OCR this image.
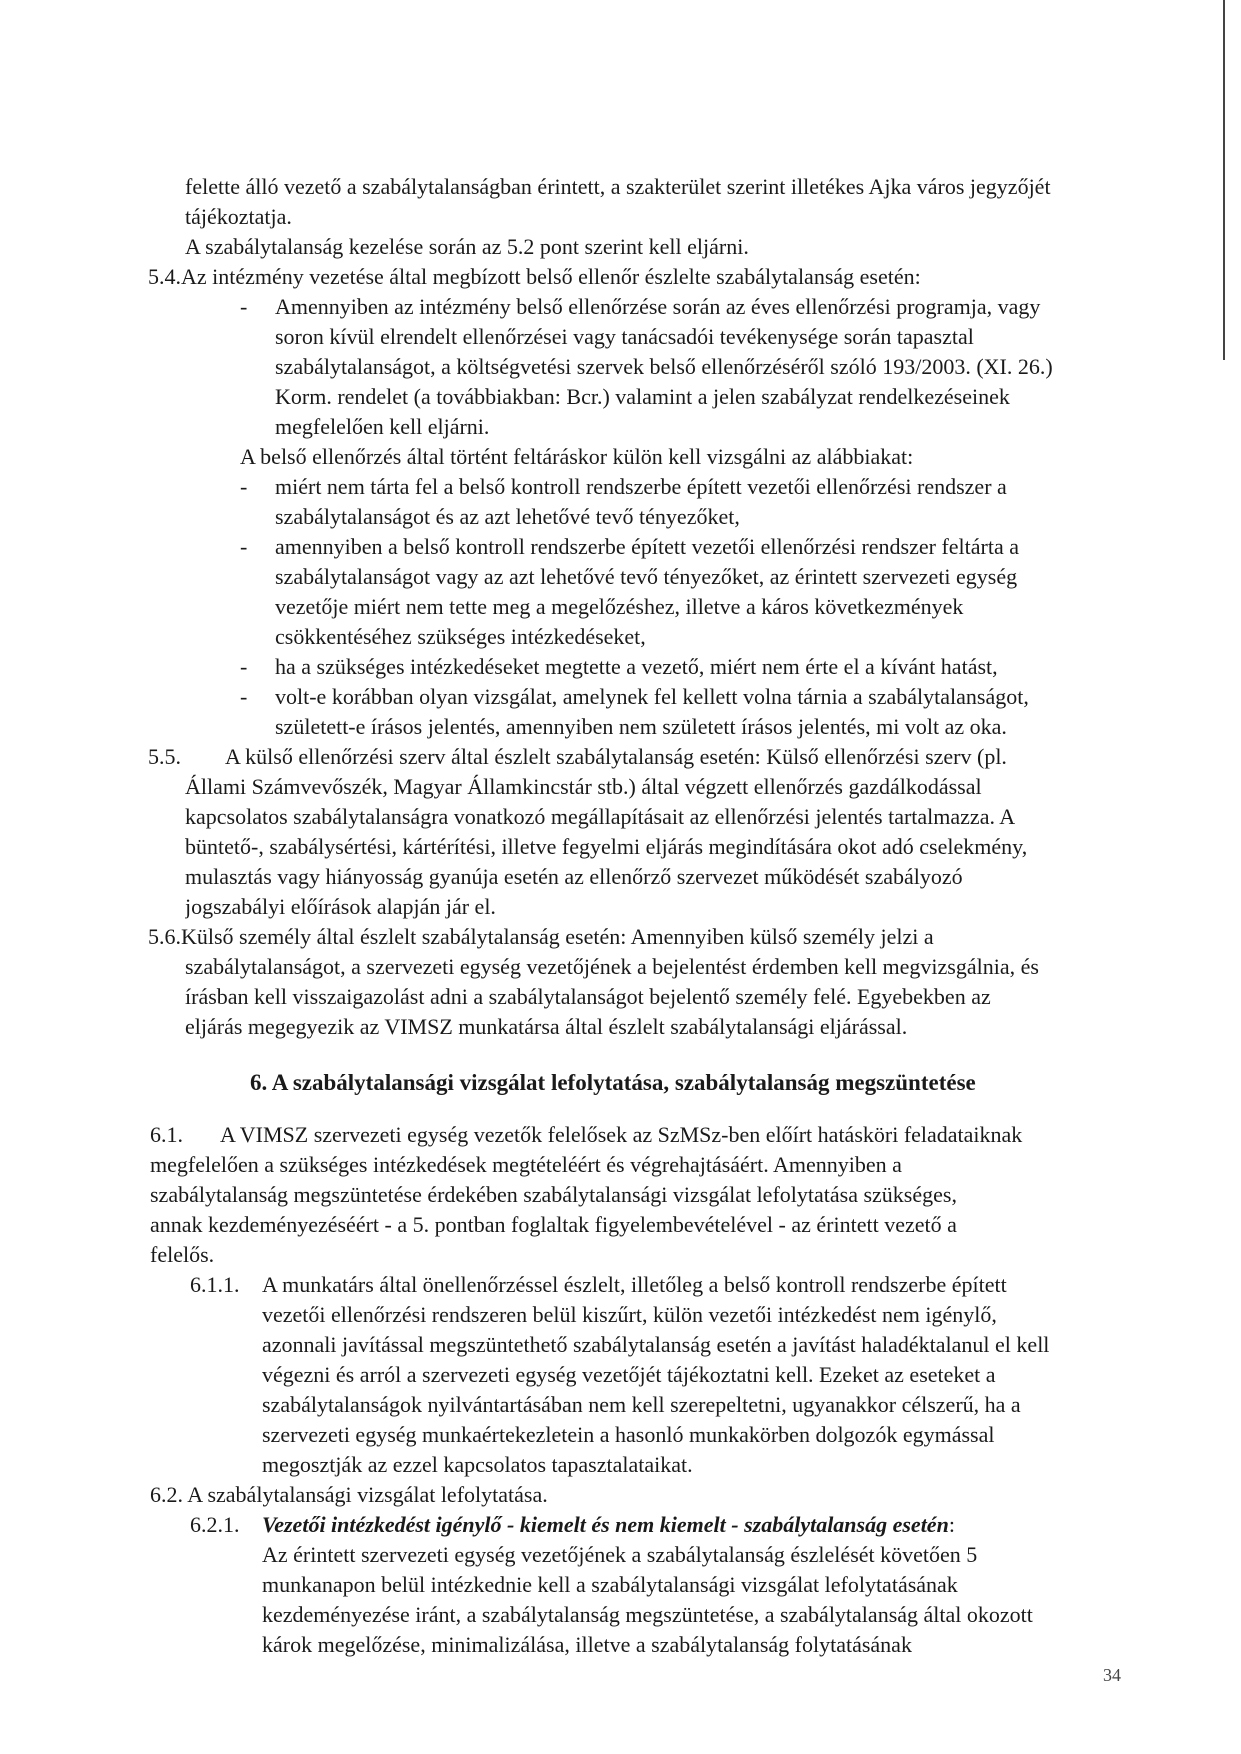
felette álló vezető a szabálytalanságban érintett, a szakterület szerint illetékes Ajka város jegyzőjét
tájékoztatja.
A szabálytalanság kezelése során az 5.2 pont szerint kell eljárni.
5.4.Az intézmény vezetése által megbízott belső ellenőr észlelte szabálytalanság esetén:
- Amennyiben az intézmény belső ellenőrzése során az éves ellenőrzési programja, vagy
soron kívül elrendelt ellenőrzései vagy tanácsadói tevékenysége során tapasztal
szabálytalanságot, a költségvetési szervek belső ellenőrzéséről szóló 193/2003. (XI. 26.)
Korm. rendelet (a továbbiakban: Bcr.) valamint a jelen szabályzat rendelkezéseinek
megfelelően kell eljárni.
A belső ellenőrzés által történt feltáráskor külön kell vizsgálni az alábbiakat:
- miért nem tárta fel a belső kontroll rendszerbe épített vezetői ellenőrzési rendszer a
szabálytalanságot és az azt lehetővé tevő tényezőket,
- amennyiben a belső kontroll rendszerbe épített vezetői ellenőrzési rendszer feltárta a
szabálytalanságot vagy az azt lehetővé tevő tényezőket, az érintett szervezeti egység
vezetője miért nem tette meg a megelőzéshez, illetve a káros következmények
csökkentéséhez szükséges intézkedéseket,
- ha a szükséges intézkedéseket megtette a vezető, miért nem érte el a kívánt hatást,
- volt-e korábban olyan vizsgálat, amelynek fel kellett volna tárnia a szabálytalanságot,
született-e írásos jelentés, amennyiben nem született írásos jelentés, mi volt az oka.
5.5.	A külső ellenőrzési szerv által észlelt szabálytalanság esetén: Külső ellenőrzési szerv (pl.
Állami Számvevőszék, Magyar Államkincstár stb.) által végzett ellenőrzés gazdálkodással
kapcsolatos szabálytalanságra vonatkozó megállapításait az ellenőrzési jelentés tartalmazza. A
büntető-, szabálysértési, kártérítési, illetve fegyelmi eljárás megindítására okot adó cselekmény,
mulasztás vagy hiányosság gyanúja esetén az ellenőrző szervezet működését szabályozó
jogszabályi előírások alapján jár el.
5.6.Külső személy által észlelt szabálytalanság esetén: Amennyiben külső személy jelzi a
szabálytalanságot, a szervezeti egység vezetőjének a bejelentést érdemben kell megvizsgálnia, és
írásban kell visszaigazolást adni a szabálytalanságot bejelentő személy felé. Egyebekben az
eljárás megegyezik az VIMSZ munkatársa által észlelt szabálytalansági eljárással.
6. A szabálytalansági vizsgálat lefolytatása, szabálytalanság megszüntetése
6.1.	A VIMSZ szervezeti egység vezetők felelősek az SzMSz-ben előírt hatásköri feladataiknak
megfelelően a szükséges intézkedések megtételéért és végrehajtásáért. Amennyiben a
szabálytalanság megszüntetése érdekében szabálytalansági vizsgálat lefolytatása szükséges,
annak kezdeményezéséért - a 5. pontban foglaltak figyelembevételével - az érintett vezető a
felelős.
6.1.1. A munkatárs által önellenőrzéssel észlelt, illetőleg a belső kontroll rendszerbe épített
vezetői ellenőrzési rendszeren belül kiszűrt, külön vezetői intézkedést nem igénylő,
azonnali javítással megszüntethető szabálytalanság esetén a javítást haladéktalanul el kell
végezni és arról a szervezeti egység vezetőjét tájékoztatni kell. Ezeket az eseteket a
szabálytalanságok nyilvántartásában nem kell szerepeltetni, ugyanakkor célszerű, ha a
szervezeti egység munkaértekezletein a hasonló munkakörben dolgozók egymással
megosztják az ezzel kapcsolatos tapasztalataikat.
6.2. A szabálytalansági vizsgálat lefolytatása.
6.2.1. Vezetői intézkedést igénylő - kiemelt és nem kiemelt - szabálytalanság esetén:
Az érintett szervezeti egység vezetőjének a szabálytalanság észlelését követően 5
munkanapon belül intézkednie kell a szabálytalansági vizsgálat lefolytatásának
kezdeményezése iránt, a szabálytalanság megszüntetése, a szabálytalanság által okozott
károk megelőzése, minimalizálása, illetve a szabálytalanság folytatásának
34
